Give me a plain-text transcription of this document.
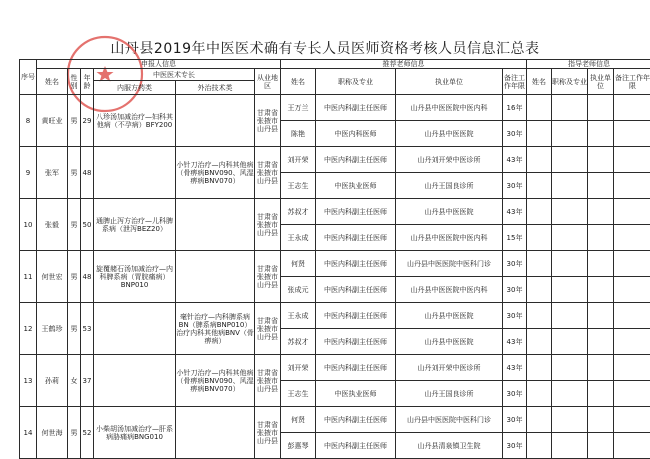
山丹县2019年中医医术确有专长人员医师资格考核人员信息汇总表
序号	申报人信息						推荐老师信息				指导老师信息			
	姓名	性别	年龄	中医医术专长		从业地区	姓名	职称及专业	执业单位	备注工作年限	姓名	职称及专业	执业单位	备注工作年限
				内服方药类	外治技术类									
8	黄旺业	男	29	八珍汤加减治疗—妇科其他病（不孕病）BFY200		甘肃省张掖市山丹县	王万兰	中医内科副主任医师	山丹县中医医院中医内科	16年				
							陈艳	中医内科医师	山丹县中医医院	30年				
9	张军	男	48		小针刀治疗—内科其他病（骨痹病BNV090、风湿痹病BNV070）	甘肃省张掖市山丹县	刘开荣	中医内科副主任医师	山丹刘开荣中医诊所	43年				
							王志生	中医执业医师	山丹王国良诊所	30年				
10	张毅	男	50	通脾止泻方治疗—儿科脾系病（泄泻BEZ20）		甘肃省张掖市山丹县	苏叔才	中医内科副主任医师	山丹县中医医院	43年				
							王永成	中医内科副主任医师	山丹县中医医院中医内科	15年				
11	何世宏	男	48	旋覆赭石汤加减治疗—内科脾系病（胃脘痛病）BNP010		甘肃省张掖市山丹县	何贤	中医内科副主任医师	山丹县中医医院中医科门诊	30年				
							张成元	中医内科副主任医师	山丹县中医医院中医内科	30年				
12	王鹤珍	男	53		毫针治疗—内科脾系病BN（脾系病BNP010）治疗内科其他病BNV（骨痹病）	甘肃省张掖市山丹县	王永成	中医内科副主任医师	山丹县中医医院	30年				
							苏叔才	中医内科副主任医师	山丹县中医医院	43年				
13	孙莉	女	37		小针刀治疗—内科其他病（骨痹病BNV090、风湿痹病BNV070）	甘肃省张掖市山丹县	刘开荣	中医内科副主任医师	山丹刘开荣中医诊所	43年				
							王志生	中医执业医师	山丹王国良诊所	30年				
14	何世海	男	52	小柴胡汤加减治疗—肝系病胁痛病BNG010		甘肃省张掖市山丹县	何贤	中医内科副主任医师	山丹县中医医院中医科门诊	30年				
							彭惠琴	中医内科副主任医师	山丹县清泉镇卫生院	30年				
